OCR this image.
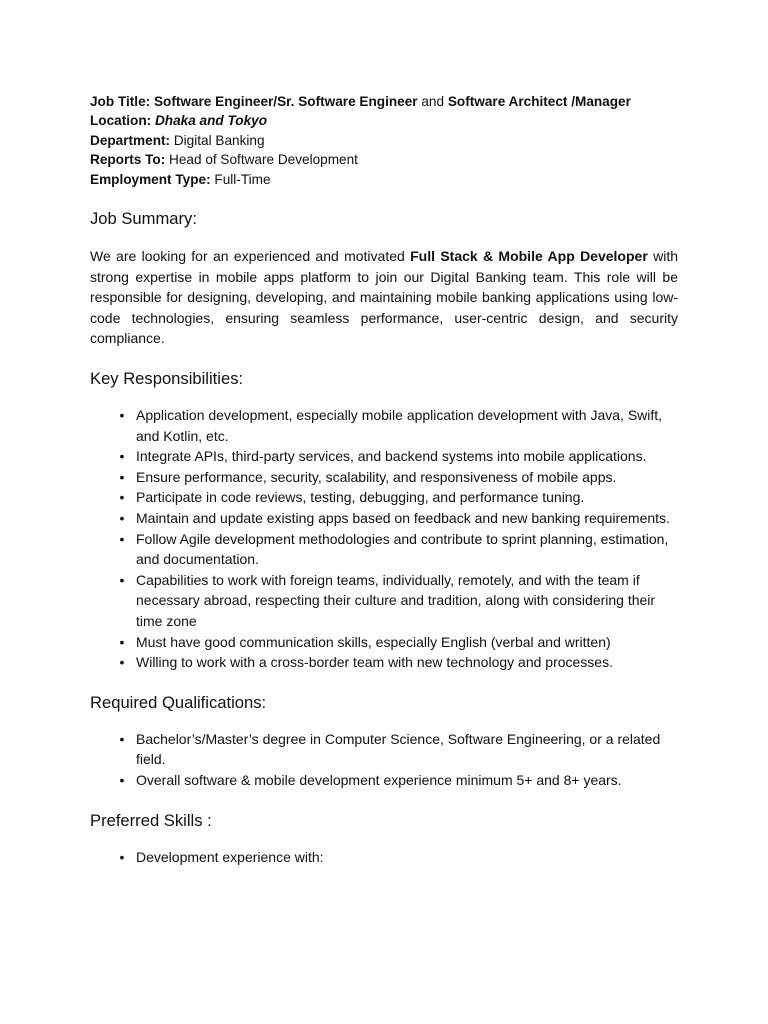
Job Title: Software Engineer/Sr. Software Engineer and Software Architect /Manager

Location: Dhaka and Tokyo

Department: Digital Banking

Reports To: Head of Software Development

Employment Type: Full-Time

Job Summary:

We are looking for an experienced and motivated Full Stack & Mobile App Developer with strong expertise in mobile apps platform to join our Digital Banking team. This role will be responsible for designing, developing, and maintaining mobile banking applications using low-code technologies, ensuring seamless performance, user-centric design, and security compliance.

Key Responsibilities:
• Application development, especially mobile application development with Java, Swift, and Kotlin, etc.
• Integrate APIs, third-party services, and backend systems into mobile applications.
• Ensure performance, security, scalability, and responsiveness of mobile apps.
• Participate in code reviews, testing, debugging, and performance tuning.
• Maintain and update existing apps based on feedback and new banking requirements.
• Follow Agile development methodologies and contribute to sprint planning, estimation, and documentation.
• Capabilities to work with foreign teams, individually, remotely, and with the team if necessary abroad, respecting their culture and tradition, along with considering their time zone
• Must have good communication skills, especially English (verbal and written)
• Willing to work with a cross-border team with new technology and processes.
Required Qualifications:
• Bachelor’s/Master’s degree in Computer Science, Software Engineering, or a related field.
• Overall software & mobile development experience minimum 5+ and 8+ years.
Preferred Skills :
• Development experience with:
